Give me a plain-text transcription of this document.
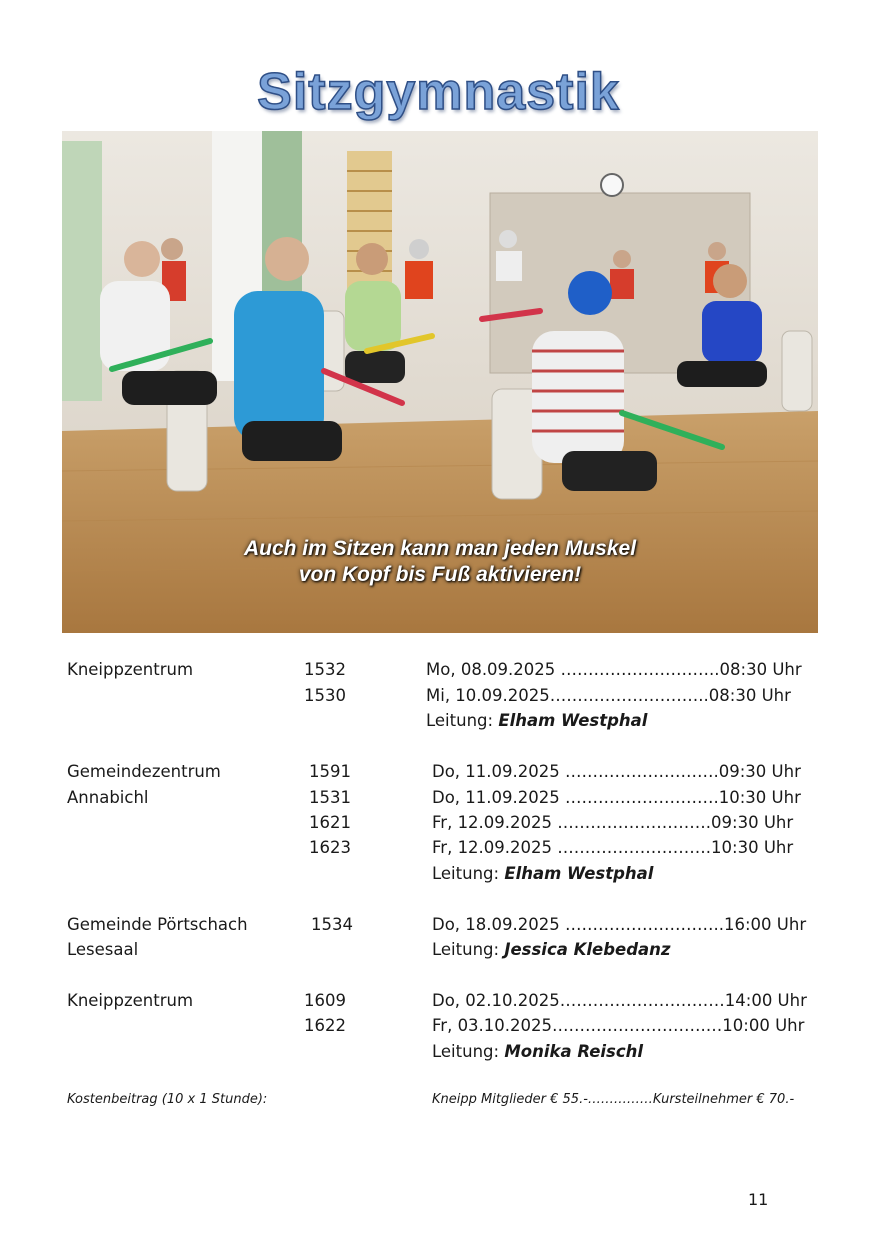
Sitzgymnastik
Auch im Sitzen kann man jeden Muskel
von Kopf bis Fuß aktivieren!
Kneippzentrum	1532	Mo, 08.09.2025 ………………………..08:30 Uhr
1530	Mi, 10.09.2025………………………..08:30 Uhr
Leitung: Elham Westphal
Gemeindezentrum
Annabichl
1591	Do, 11.09.2025 ……………………….09:30 Uhr
1531	Do, 11.09.2025 ……………………….10:30 Uhr
1621	Fr, 12.09.2025 ……………………….09:30 Uhr
1623	Fr, 12.09.2025 ……………………….10:30 Uhr
Leitung: Elham Westphal
Gemeinde Pörtschach
Lesesaal
1534	Do, 18.09.2025 ………………………..16:00 Uhr
Leitung: Jessica Klebedanz
Kneippzentrum	1609	Do, 02.10.2025…………………………14:00 Uhr
1622	Fr, 03.10.2025……………………….…10:00 Uhr
Leitung: Monika Reischl
Kostenbeitrag (10 x 1 Stunde):	Kneipp Mitglieder € 55.-……………Kursteilnehmer € 70.-
11
